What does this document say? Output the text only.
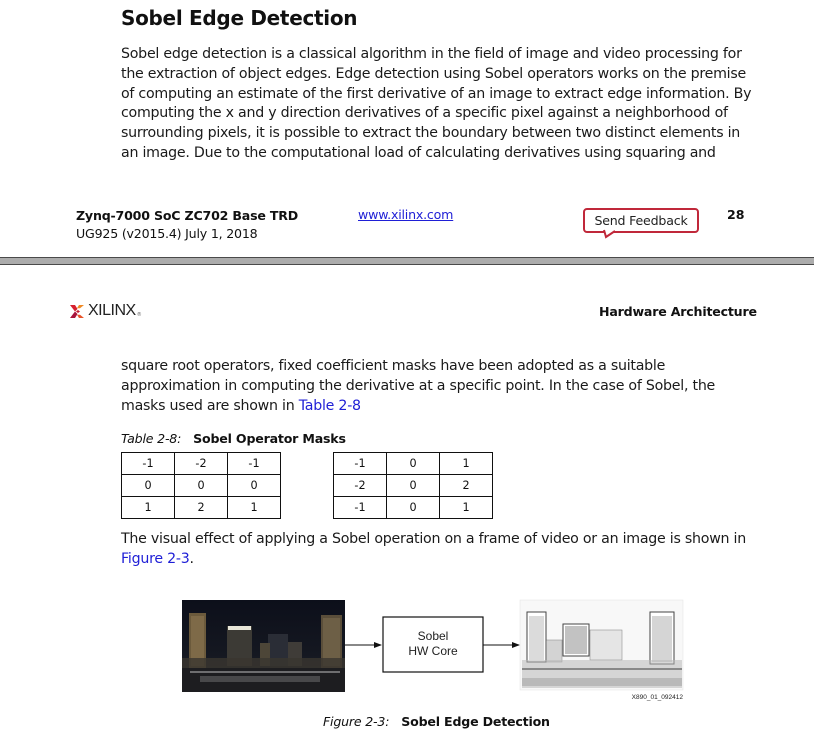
Sobel Edge Detection
Sobel edge detection is a classical algorithm in the field of image and video processing for
the extraction of object edges. Edge detection using Sobel operators works on the premise
of computing an estimate of the first derivative of an image to extract edge information. By
computing the x and y direction derivatives of a specific pixel against a neighborhood of
surrounding pixels, it is possible to extract the boundary between two distinct elements in
an image. Due to the computational load of calculating derivatives using squaring and
Zynq-7000 SoC ZC702 Base TRD
UG925 (v2015.4) July 1, 2018
www.xilinx.com	Send Feedback	28
XILINX ®	Hardware Architecture
square root operators, fixed coefficient masks have been adopted as a suitable
approximation in computing the derivative at a specific point. In the case of Sobel, the
masks used are shown in Table 2-8
Table 2-8: Sobel Operator Masks
-1	-2	-1
0	0	0
1	2	1
-1	0	1
-2	0	2
-1	0	1
The visual effect of applying a Sobel operation on a frame of video or an image is shown in
Figure 2-3.
Sobel
HW Core
X890_01_092412
Figure 2-3: Sobel Edge Detection
